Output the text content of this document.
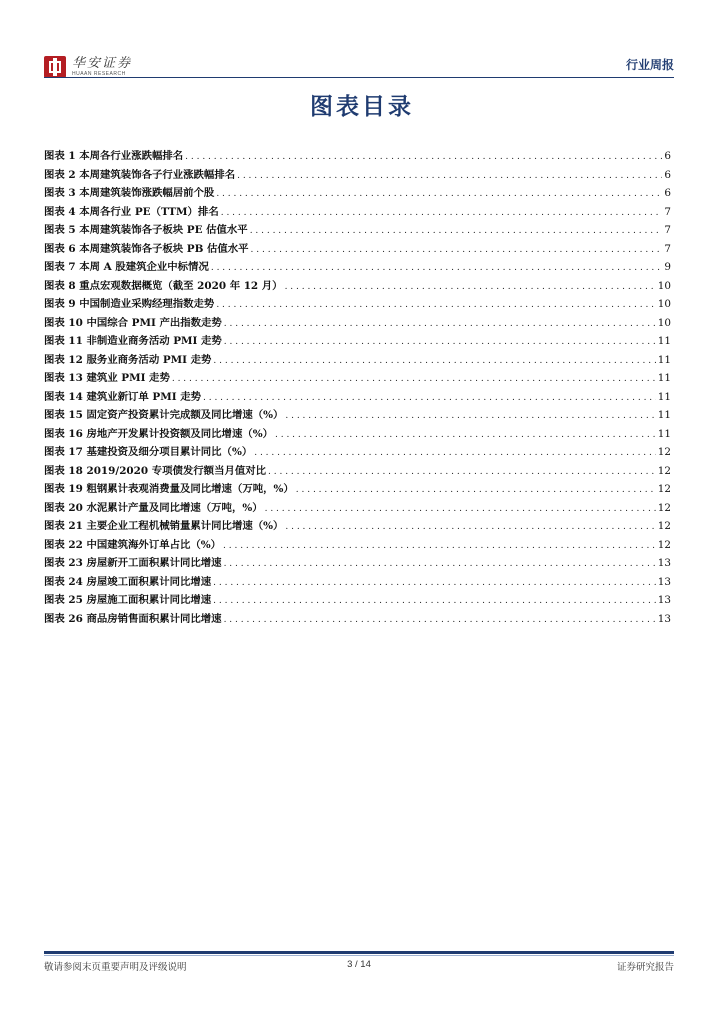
华安证券
HUAAN RESEARCH
行业周报
图表目录
图表 1 本周各行业涨跌幅排名 . . .	6
图表 2 本周建筑装饰各子行业涨跌幅排名 . . .	6
图表 3 本周建筑装饰涨跌幅居前个股 . . .	6
图表 4 本周各行业 PE（TTM）排名 . . .	7
图表 5 本周建筑装饰各子板块 PE 估值水平 . . .	7
图表 6 本周建筑装饰各子板块 PB 估值水平 . . .	7
图表 7 本周 A 股建筑企业中标情况 . . .	9
图表 8 重点宏观数据概览（截至 2020 年 12 月） . . .	10
图表 9 中国制造业采购经理指数走势 . . .	10
图表 10 中国综合 PMI 产出指数走势 . . .	10
图表 11 非制造业商务活动 PMI 走势 . . .	11
图表 12 服务业商务活动 PMI 走势 . . .	11
图表 13 建筑业 PMI 走势 . . .	11
图表 14 建筑业新订单 PMI 走势 . . .	11
图表 15 固定资产投资累计完成额及同比增速（%） . . .	11
图表 16 房地产开发累计投资额及同比增速（%） . . .	11
图表 17 基建投资及细分项目累计同比（%） . . .	12
图表 18 2019/2020 专项债发行额当月值对比 . . .	12
图表 19 粗钢累计表观消费量及同比增速（万吨，%） . . .	12
图表 20 水泥累计产量及同比增速（万吨，%） . . .	12
图表 21 主要企业工程机械销量累计同比增速（%） . . .	12
图表 22 中国建筑海外订单占比（%） . . .	12
图表 23 房屋新开工面积累计同比增速 . . .	13
图表 24 房屋竣工面积累计同比增速 . . .	13
图表 25 房屋施工面积累计同比增速 . . .	13
图表 26 商品房销售面积累计同比增速 . . .	13
敬请参阅末页重要声明及评级说明	3 / 14	证券研究报告
